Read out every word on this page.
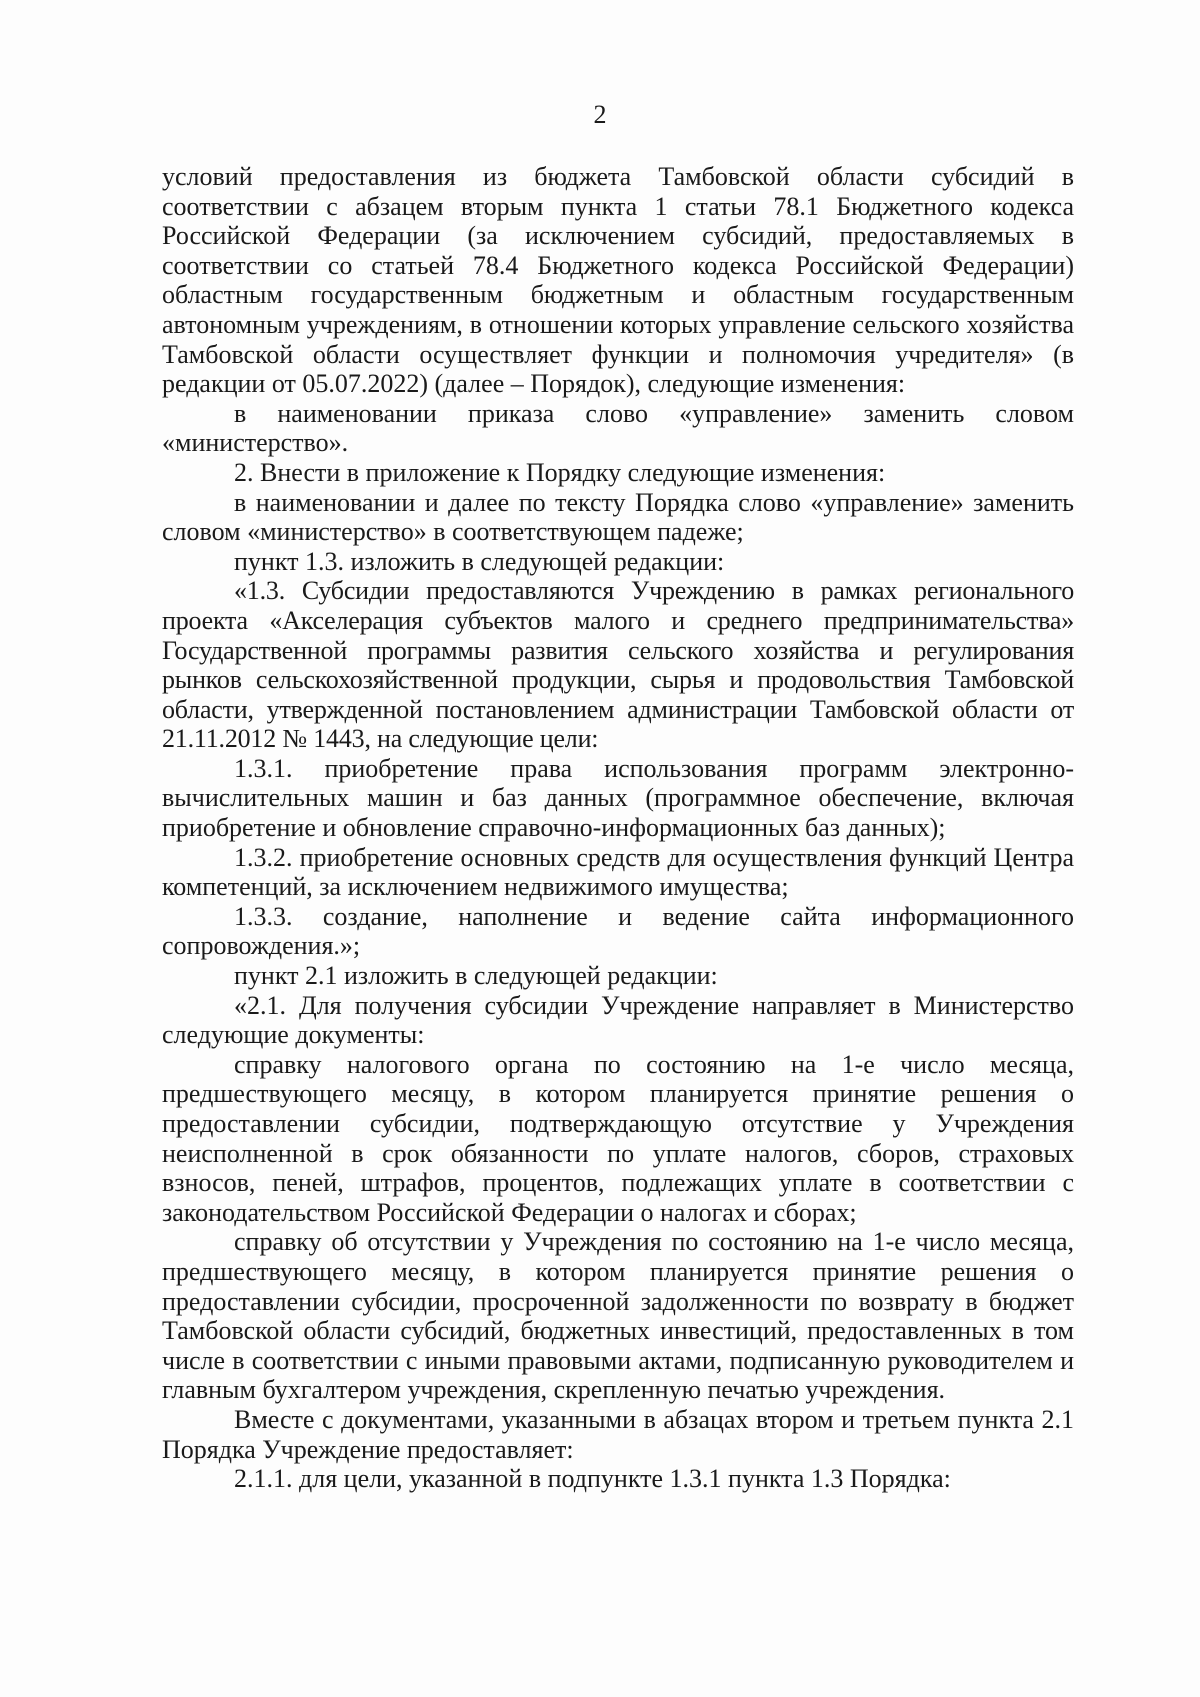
2

условий предоставления из бюджета Тамбовской области субсидий в соответствии с абзацем вторым пункта 1 статьи 78.1 Бюджетного кодекса Российской Федерации (за исключением субсидий, предоставляемых в соответствии со статьей 78.4 Бюджетного кодекса Российской Федерации) областным государственным бюджетным и областным государственным автономным учреждениям, в отношении которых управление сельского хозяйства Тамбовской области осуществляет функции и полномочия учредителя» (в редакции от 05.07.2022) (далее – Порядок), следующие изменения:

в наименовании приказа слово «управление» заменить словом «министерство».

2. Внести в приложение к Порядку следующие изменения:

в наименовании и далее по тексту Порядка слово «управление» заменить словом «министерство» в соответствующем падеже;

пункт 1.3. изложить в следующей редакции:

«1.3. Субсидии предоставляются Учреждению в рамках регионального проекта «Акселерация субъектов малого и среднего предпринимательства» Государственной программы развития сельского хозяйства и регулирования рынков сельскохозяйственной продукции, сырья и продовольствия Тамбовской области, утвержденной постановлением администрации Тамбовской области от 21.11.2012 № 1443, на следующие цели:

1.3.1. приобретение права использования программ электронно-вычислительных машин и баз данных (программное обеспечение, включая приобретение и обновление справочно-информационных баз данных);

1.3.2. приобретение основных средств для осуществления функций Центра компетенций, за исключением недвижимого имущества;

1.3.3. создание, наполнение и ведение сайта информационного сопровождения.»;

пункт 2.1 изложить в следующей редакции:

«2.1. Для получения субсидии Учреждение направляет в Министерство следующие документы:

справку налогового органа по состоянию на 1-е число месяца, предшествующего месяцу, в котором планируется принятие решения о предоставлении субсидии, подтверждающую отсутствие у Учреждения неисполненной в срок обязанности по уплате налогов, сборов, страховых взносов, пеней, штрафов, процентов, подлежащих уплате в соответствии с законодательством Российской Федерации о налогах и сборах;

справку об отсутствии у Учреждения по состоянию на 1-е число месяца, предшествующего месяцу, в котором планируется принятие решения о предоставлении субсидии, просроченной задолженности по возврату в бюджет Тамбовской области субсидий, бюджетных инвестиций, предоставленных в том числе в соответствии с иными правовыми актами, подписанную руководителем и главным бухгалтером учреждения, скрепленную печатью учреждения.

Вместе с документами, указанными в абзацах втором и третьем пункта 2.1 Порядка Учреждение предоставляет:

2.1.1. для цели, указанной в подпункте 1.3.1 пункта 1.3 Порядка:
